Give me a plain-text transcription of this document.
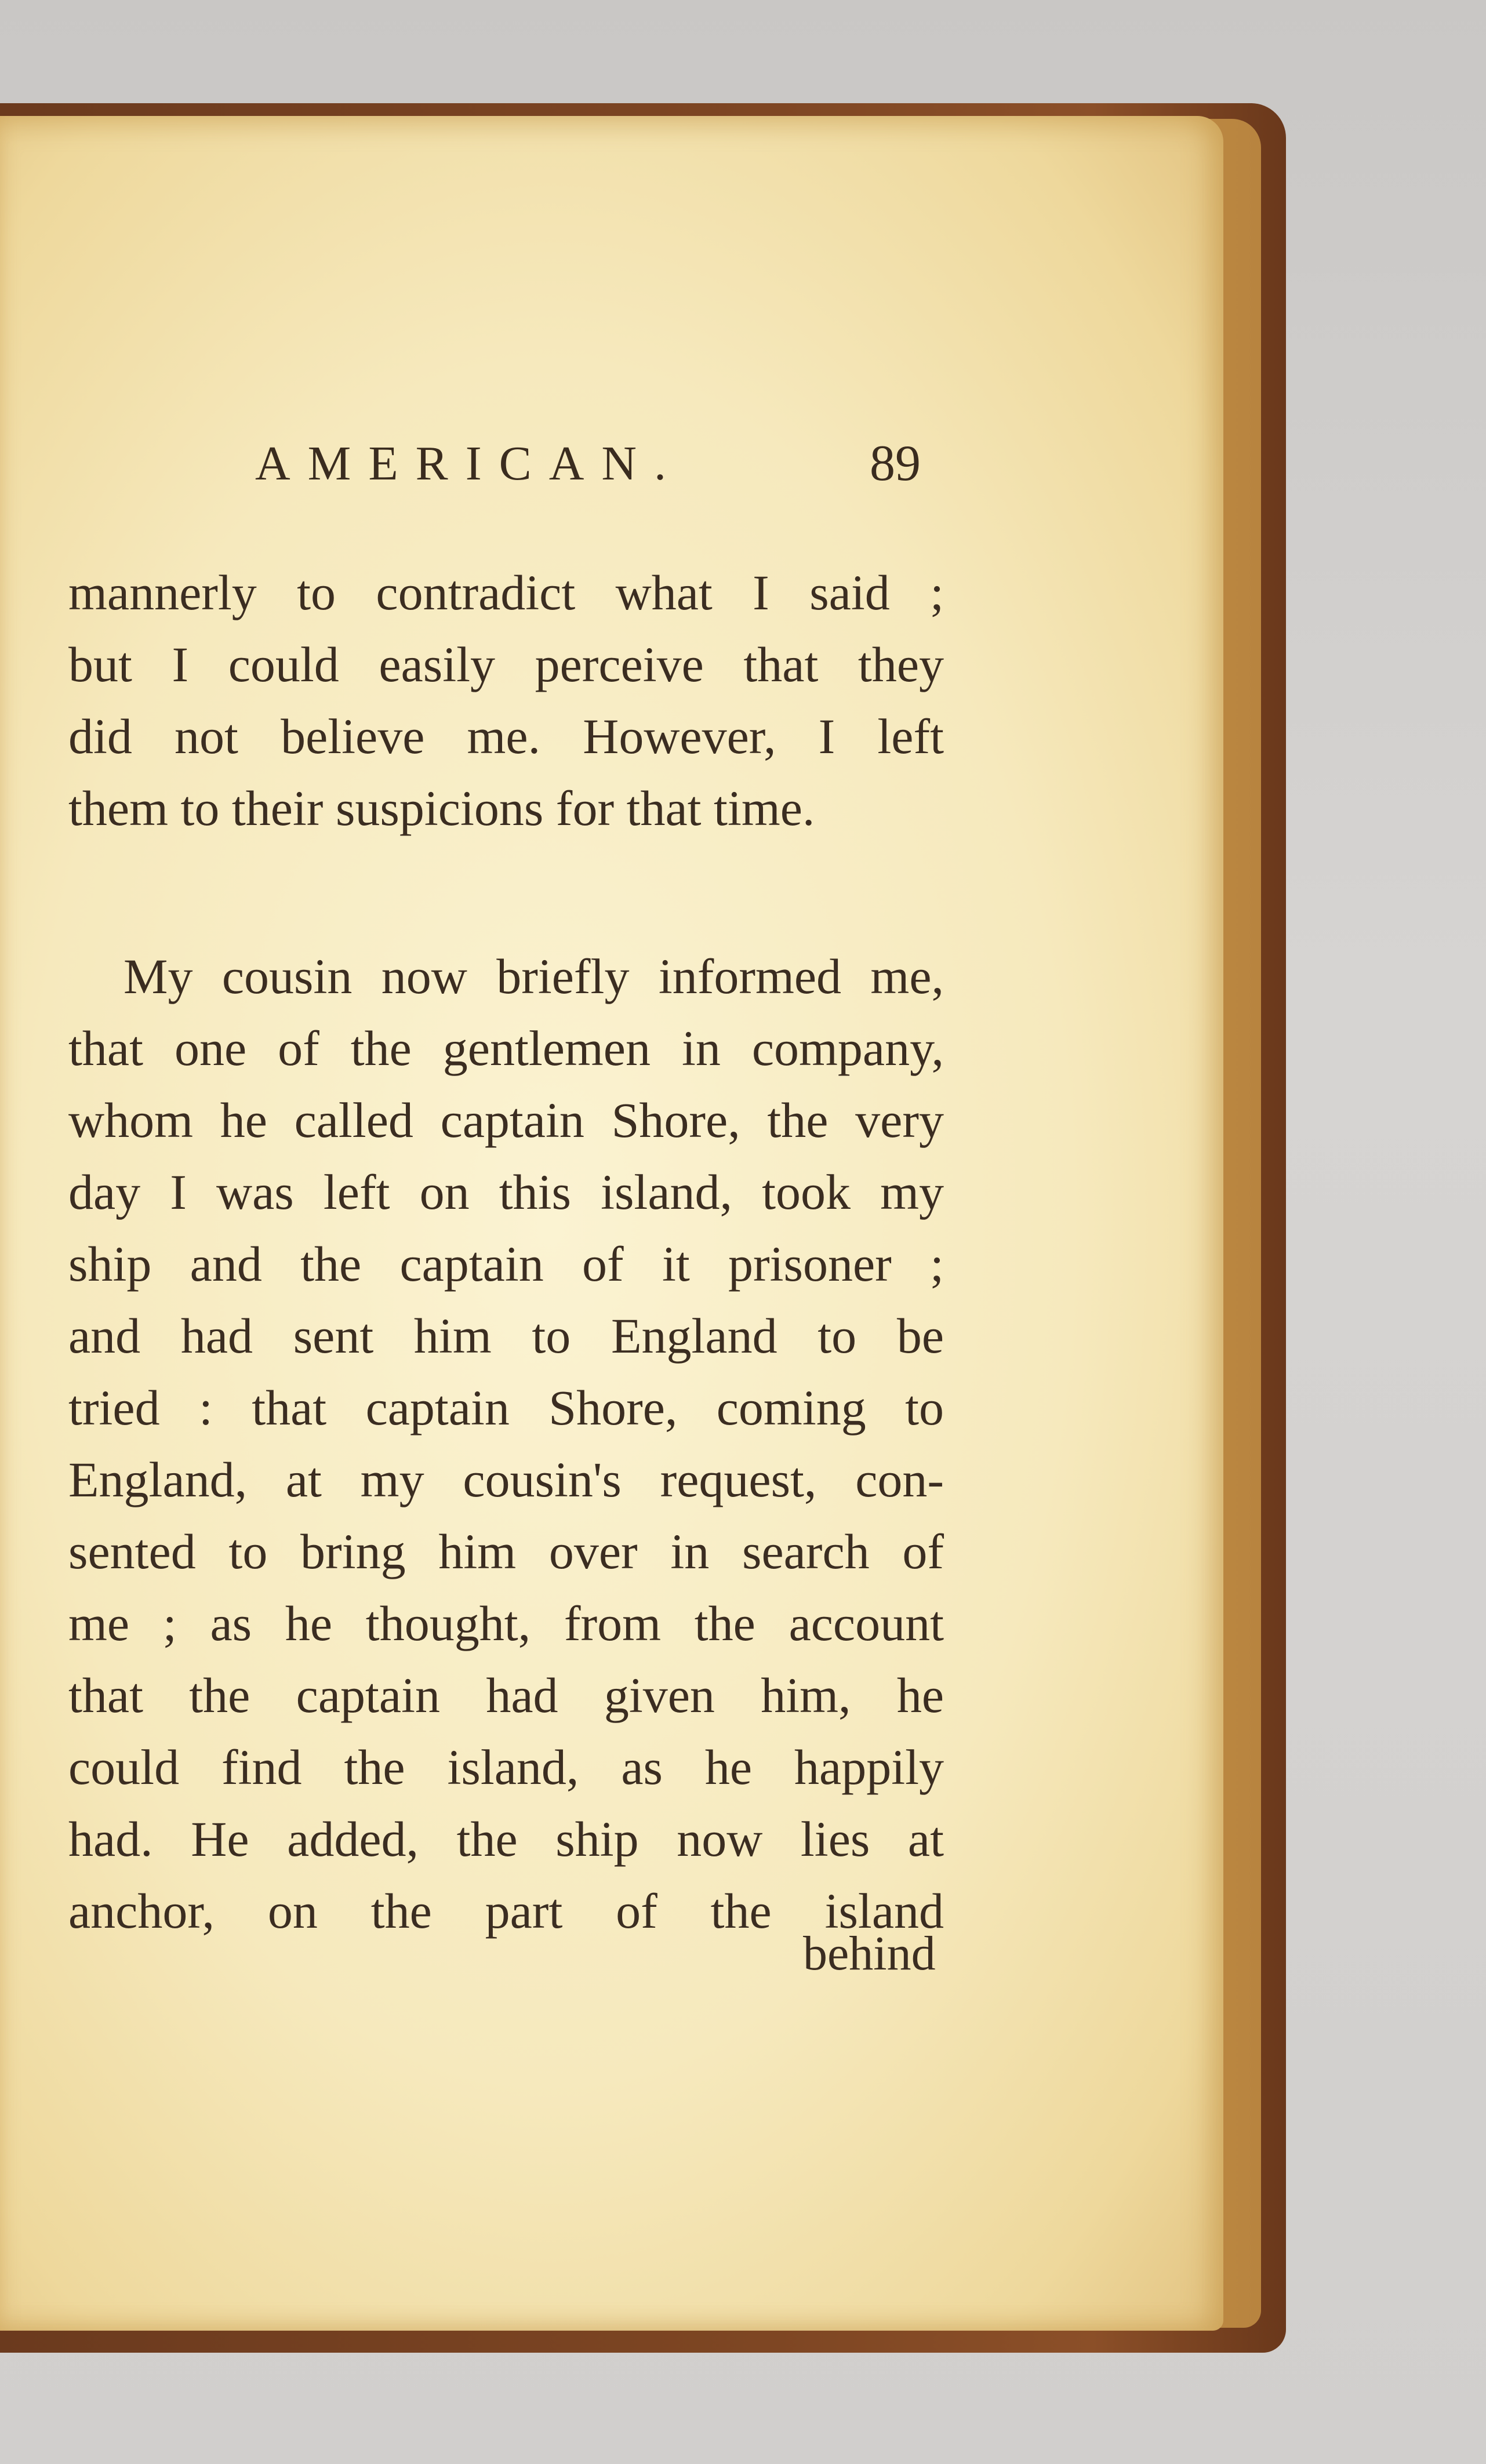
AMERICAN.	89
mannerly to contradict what I said ;
but I could easily perceive that they
did not believe me. However, I left
them to their suspicions for that time.
My cousin now briefly informed me,
that one of the gentlemen in company,
whom he called captain Shore, the very
day I was left on this island, took my
ship and the captain of it prisoner ;
and had sent him to England to be
tried : that captain Shore, coming to
England, at my cousin's request, con-
sented to bring him over in search of
me ; as he thought, from the account
that the captain had given him, he
could find the island, as he happily
had. He added, the ship now lies at
anchor, on the part of the island
behind
